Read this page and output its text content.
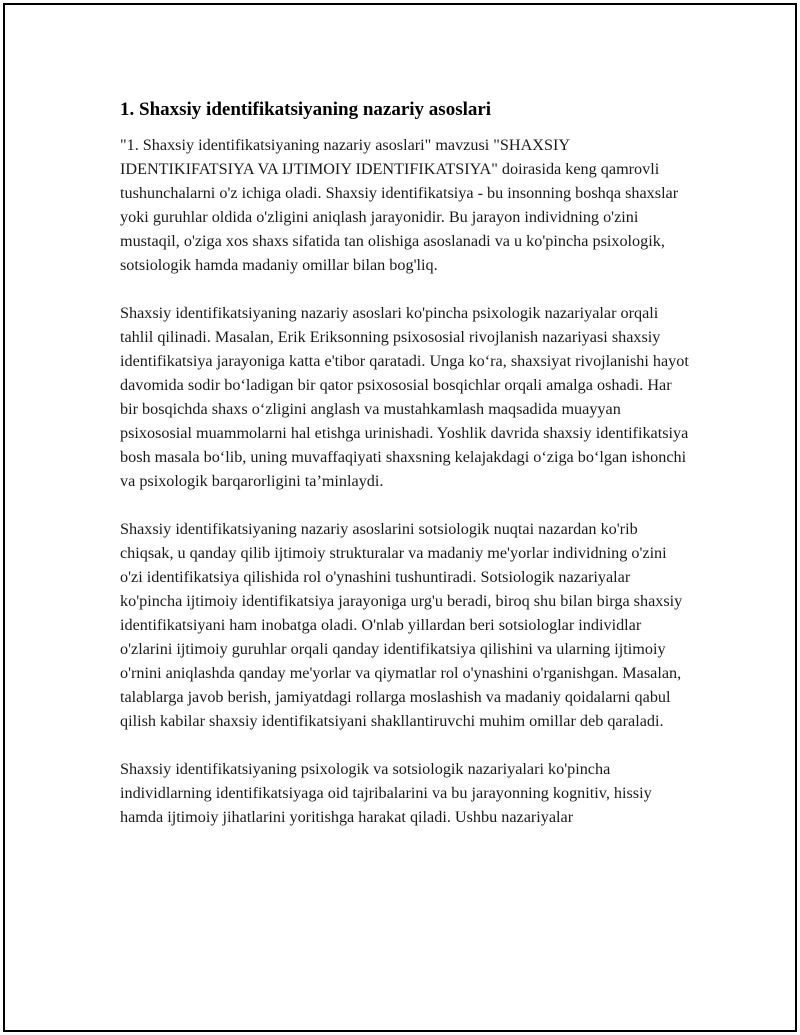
1. Shaxsiy identifikatsiyaning nazariy asoslari

"1. Shaxsiy identifikatsiyaning nazariy asoslari" mavzusi "SHAXSIY IDENTIKIFATSIYA VA IJTIMOIY IDENTIFIKATSIYA" doirasida keng qamrovli tushunchalarni o'z ichiga oladi. Shaxsiy identifikatsiya - bu insonning boshqa shaxslar yoki guruhlar oldida o'zligini aniqlash jarayonidir. Bu jarayon individning o'zini mustaqil, o'ziga xos shaxs sifatida tan olishiga asoslanadi va u ko'pincha psixologik, sotsiologik hamda madaniy omillar bilan bog'liq.

Shaxsiy identifikatsiyaning nazariy asoslari ko'pincha psixologik nazariyalar orqali tahlil qilinadi. Masalan, Erik Eriksonning psixososial rivojlanish nazariyasi shaxsiy identifikatsiya jarayoniga katta e'tibor qaratadi. Unga ko‘ra, shaxsiyat rivojlanishi hayot davomida sodir bo‘ladigan bir qator psixososial bosqichlar orqali amalga oshadi. Har bir bosqichda shaxs o‘zligini anglash va mustahkamlash maqsadida muayyan psixososial muammolarni hal etishga urinishadi. Yoshlik davrida shaxsiy identifikatsiya bosh masala bo‘lib, uning muvaffaqiyati shaxsning kelajakdagi o‘ziga bo‘lgan ishonchi va psixologik barqarorligini ta’minlaydi.

Shaxsiy identifikatsiyaning nazariy asoslarini sotsiologik nuqtai nazardan ko'rib chiqsak, u qanday qilib ijtimoiy strukturalar va madaniy me'yorlar individning o'zini o'zi identifikatsiya qilishida rol o'ynashini tushuntiradi. Sotsiologik nazariyalar ko'pincha ijtimoiy identifikatsiya jarayoniga urg'u beradi, biroq shu bilan birga shaxsiy identifikatsiyani ham inobatga oladi. O'nlab yillardan beri sotsiologlar individlar o'zlarini ijtimoiy guruhlar orqali qanday identifikatsiya qilishini va ularning ijtimoiy o'rnini aniqlashda qanday me'yorlar va qiymatlar rol o'ynashini o'rganishgan. Masalan, talablarga javob berish, jamiyatdagi rollarga moslashish va madaniy qoidalarni qabul qilish kabilar shaxsiy identifikatsiyani shakllantiruvchi muhim omillar deb qaraladi.

Shaxsiy identifikatsiyaning psixologik va sotsiologik nazariyalari ko'pincha individlarning identifikatsiyaga oid tajribalarini va bu jarayonning kognitiv, hissiy hamda ijtimoiy jihatlarini yoritishga harakat qiladi. Ushbu nazariyalar
